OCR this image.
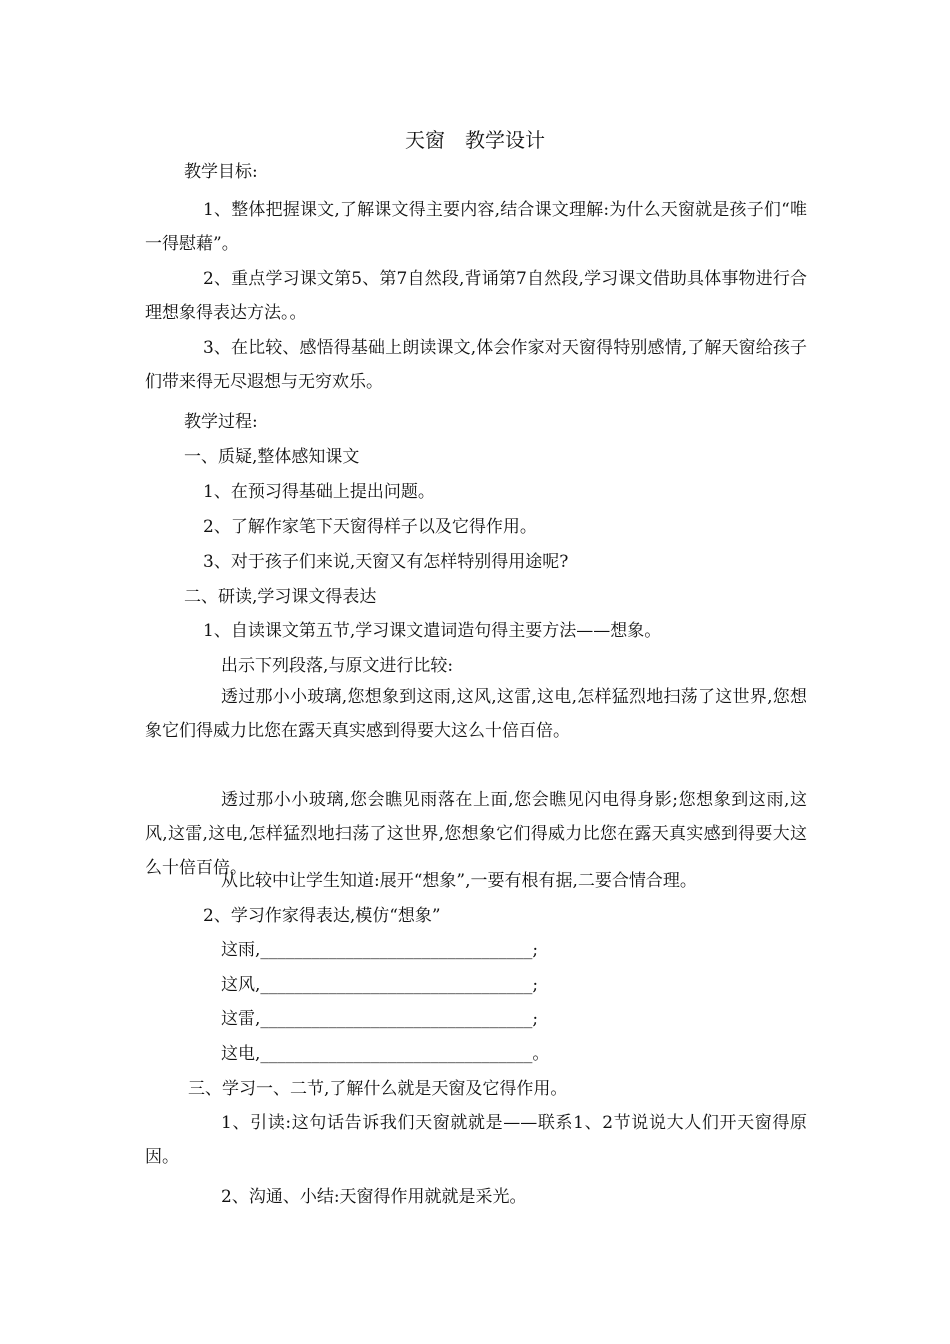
天窗　教学设计
教学目标:
1、整体把握课文,了解课文得主要内容,结合课文理解:为什么天窗就是孩子们“唯一得慰藉”。
2、重点学习课文第5、第7自然段,背诵第7自然段,学习课文借助具体事物进行合理想象得表达方法。。
3、在比较、感悟得基础上朗读课文,体会作家对天窗得特别感情,了解天窗给孩子们带来得无尽遐想与无穷欢乐。
教学过程:
一、质疑,整体感知课文
1、在预习得基础上提出问题。
2、了解作家笔下天窗得样子以及它得作用。
3、对于孩子们来说,天窗又有怎样特别得用途呢?
二、研读,学习课文得表达
1、自读课文第五节,学习课文遣词造句得主要方法——想象。
出示下列段落,与原文进行比较:
透过那小小玻璃,您想象到这雨,这风,这雷,这电,怎样猛烈地扫荡了这世界,您想象它们得威力比您在露天真实感到得要大这么十倍百倍。
透过那小小玻璃,您会瞧见雨落在上面,您会瞧见闪电得身影;您想象到这雨,这风,这雷,这电,怎样猛烈地扫荡了这世界,您想象它们得威力比您在露天真实感到得要大这么十倍百倍。
从比较中让学生知道:展开“想象”,一要有根有据,二要合情合理。
2、学习作家得表达,模仿“想象”
这雨,________________________________;
这风,________________________________;
这雷,________________________________;
这电,________________________________。
三、学习一、二节,了解什么就是天窗及它得作用。
1、引读:这句话告诉我们天窗就就是——联系1、2节说说大人们开天窗得原因。
2、沟通、小结:天窗得作用就就是采光。
